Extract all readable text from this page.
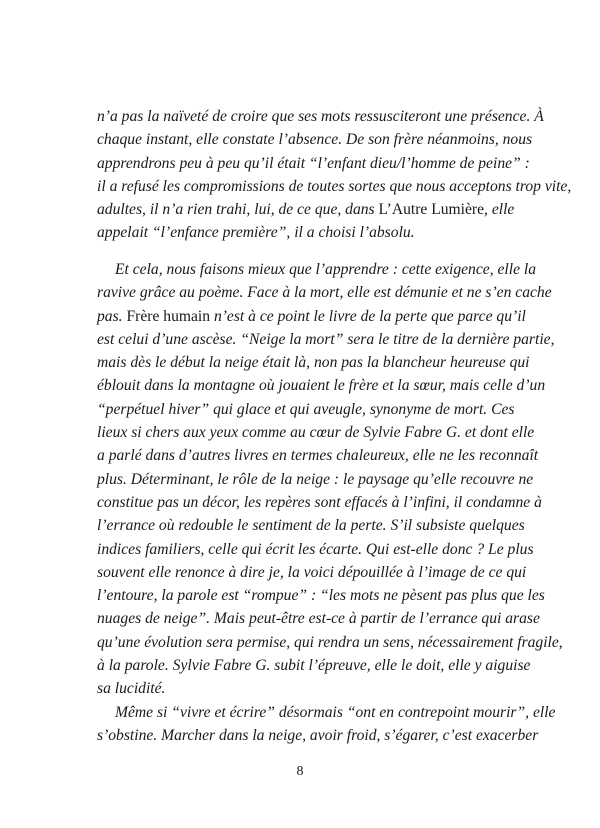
n’a pas la naïveté de croire que ses mots ressusciteront une présence. À
chaque instant, elle constate l’absence. De son frère néanmoins, nous
apprendrons peu à peu qu’il était “l’enfant dieu/l’homme de peine” :
il a refusé les compromissions de toutes sortes que nous acceptons trop vite,
adultes, il n’a rien trahi, lui, de ce que, dans L’Autre Lumière, elle
appelait “l’enfance première”, il a choisi l’absolu.
Et cela, nous faisons mieux que l’apprendre : cette exigence, elle la
ravive grâce au poème. Face à la mort, elle est démunie et ne s’en cache
pas. Frère humain n’est à ce point le livre de la perte que parce qu’il
est celui d’une ascèse. “Neige la mort” sera le titre de la dernière partie,
mais dès le début la neige était là, non pas la blancheur heureuse qui
éblouit dans la montagne où jouaient le frère et la sœur, mais celle d’un
“perpétuel hiver” qui glace et qui aveugle, synonyme de mort. Ces
lieux si chers aux yeux comme au cœur de Sylvie Fabre G. et dont elle
a parlé dans d’autres livres en termes chaleureux, elle ne les reconnaît
plus. Déterminant, le rôle de la neige : le paysage qu’elle recouvre ne
constitue pas un décor, les repères sont effacés à l’infini, il condamne à
l’errance où redouble le sentiment de la perte. S’il subsiste quelques
indices familiers, celle qui écrit les écarte. Qui est-elle donc ? Le plus
souvent elle renonce à dire je, la voici dépouillée à l’image de ce qui
l’entoure, la parole est “rompue” : “les mots ne pèsent pas plus que les
nuages de neige”. Mais peut-être est-ce à partir de l’errance qui arase
qu’une évolution sera permise, qui rendra un sens, nécessairement fragile,
à la parole. Sylvie Fabre G. subit l’épreuve, elle le doit, elle y aiguise
sa lucidité.
Même si “vivre et écrire” désormais “ont en contrepoint mourir”, elle
s’obstine. Marcher dans la neige, avoir froid, s’égarer, c’est exacerber
8
